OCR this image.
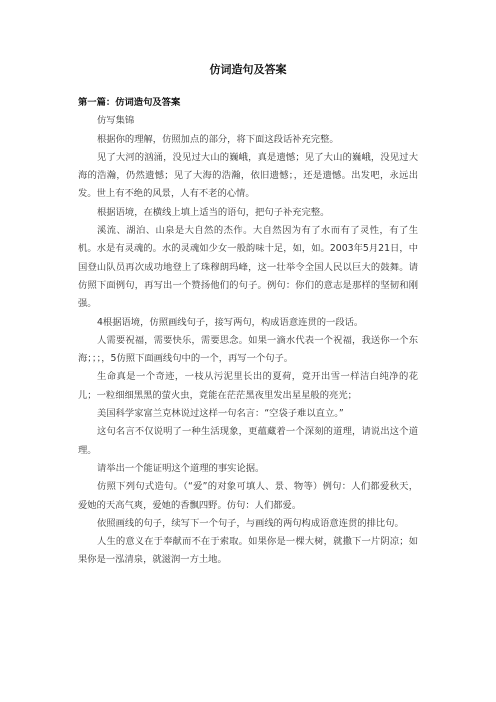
仿词造句及答案

第一篇：仿词造句及答案

仿写集锦

根据你的理解，仿照加点的部分，将下面这段话补充完整。

见了大河的汹涌，没见过大山的巍峨，真是遗憾；见了大山的巍峨，没见过大海的浩瀚，仍然遗憾；见了大海的浩瀚，依旧遗憾；，还是遗憾。出发吧，永远出发。世上有不绝的风景，人有不老的心情。

根据语境，在横线上填上适当的语句，把句子补充完整。

溪流、湖泊、山泉是大自然的杰作。大自然因为有了水而有了灵性，有了生机。水是有灵魂的。水的灵魂如少女一般韵味十足，如，如。2003年5月21日，中国登山队员再次成功地登上了珠穆朗玛峰，这一壮举令全国人民以巨大的鼓舞。请仿照下面例句，再写出一个赞扬他们的句子。例句：你们的意志是那样的坚韧和刚强。

4根据语境，仿照画线句子，接写两句，构成语意连贯的一段话。

人需要祝福，需要快乐，需要思念。如果一滴水代表一个祝福，我送你一个东海；；；，5仿照下面画线句中的一个，再写一个句子。

生命真是一个奇迹，一枝从污泥里长出的夏荷，竟开出雪一样洁白纯净的花儿；一粒细细黑黑的萤火虫，竟能在茫茫黑夜里发出星星般的亮光；

美国科学家富兰克林说过这样一句名言：“空袋子难以直立。”

这句名言不仅说明了一种生活现象，更蕴藏着一个深刻的道理，请说出这个道理。

请举出一个能证明这个道理的事实论据。

仿照下列句式造句。（“爱”的对象可填人、景、物等）例句：人们都爱秋天，爱她的天高气爽，爱她的香飘四野。仿句：人们都爱。

依照画线的句子，续写下一个句子，与画线的两句构成语意连贯的排比句。

人生的意义在于奉献而不在于索取。如果你是一棵大树，就撒下一片阴凉；如果你是一泓清泉，就滋润一方土地。
